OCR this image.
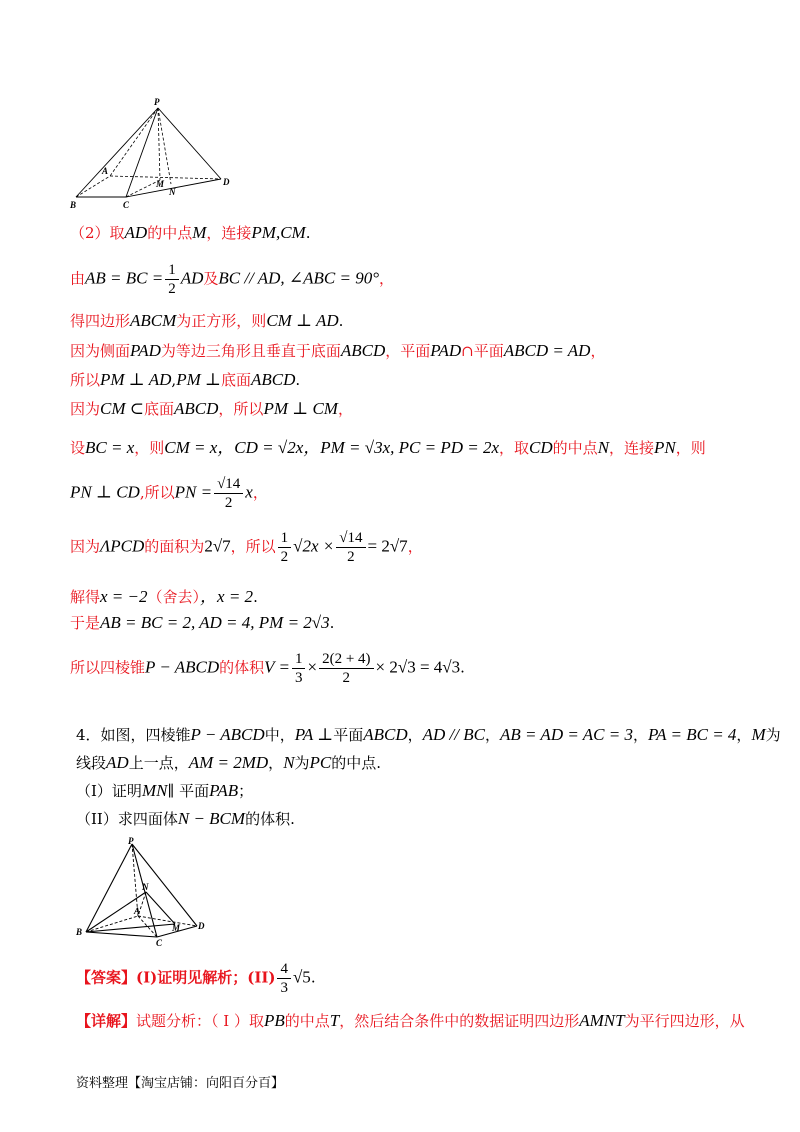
P
A
B	C
M
N
D
（2）取AD的中点M，连接PM,CM.
由AB = BC = $\frac{1}{2}$ AD及BC // AD, ∠ABC = 90°，
得四边形ABCM为正方形，则CM ⊥ AD.
因为侧面PAD为等边三角形且垂直于底面ABCD，平面PAD∩平面ABCD = AD，
所以PM ⊥ AD,PM ⊥底面ABCD.
因为CM ⊂底面ABCD，所以PM ⊥ CM，
设BC = x，则CM = x，CD = √2x，PM = √3x, PC = PD = 2x，取CD的中点N，连接PN，则
PN ⊥ CD,所以PN = $\frac{√14}{2}$ x，
因为ΛPCD的面积为2√7，所以 $\frac{1}{2} √2x \times \frac{√14}{2} = 2√7$，
解得x = −2（舍去），x = 2.
于是AB = BC = 2, AD = 4, PM = 2√3.
所以四棱锥P − ABCD的体积$V = \frac{1}{3} \times \frac{2(2 + 4)}{2} \times 2√3 = 4√3$.
4．如图，四棱锥P − ABCD中，PA ⊥平面ABCD，AD // BC，AB = AD = AC = 3，PA = BC = 4，M为
线段AD上一点，AM = 2MD，N为PC的中点.
（I）证明MN∥ 平面PAB；
（II）求四面体N − BCM的体积.
P
N
A
B	M
C
D
【答案】(I)证明见解析；$(II) \frac{4}{3} √5$.
【详解】试题分析：（ I ）取PB的中点T，然后结合条件中的数据证明四边形AMNT为平行四边形，从
资料整理【淘宝店铺：向阳百分百】
